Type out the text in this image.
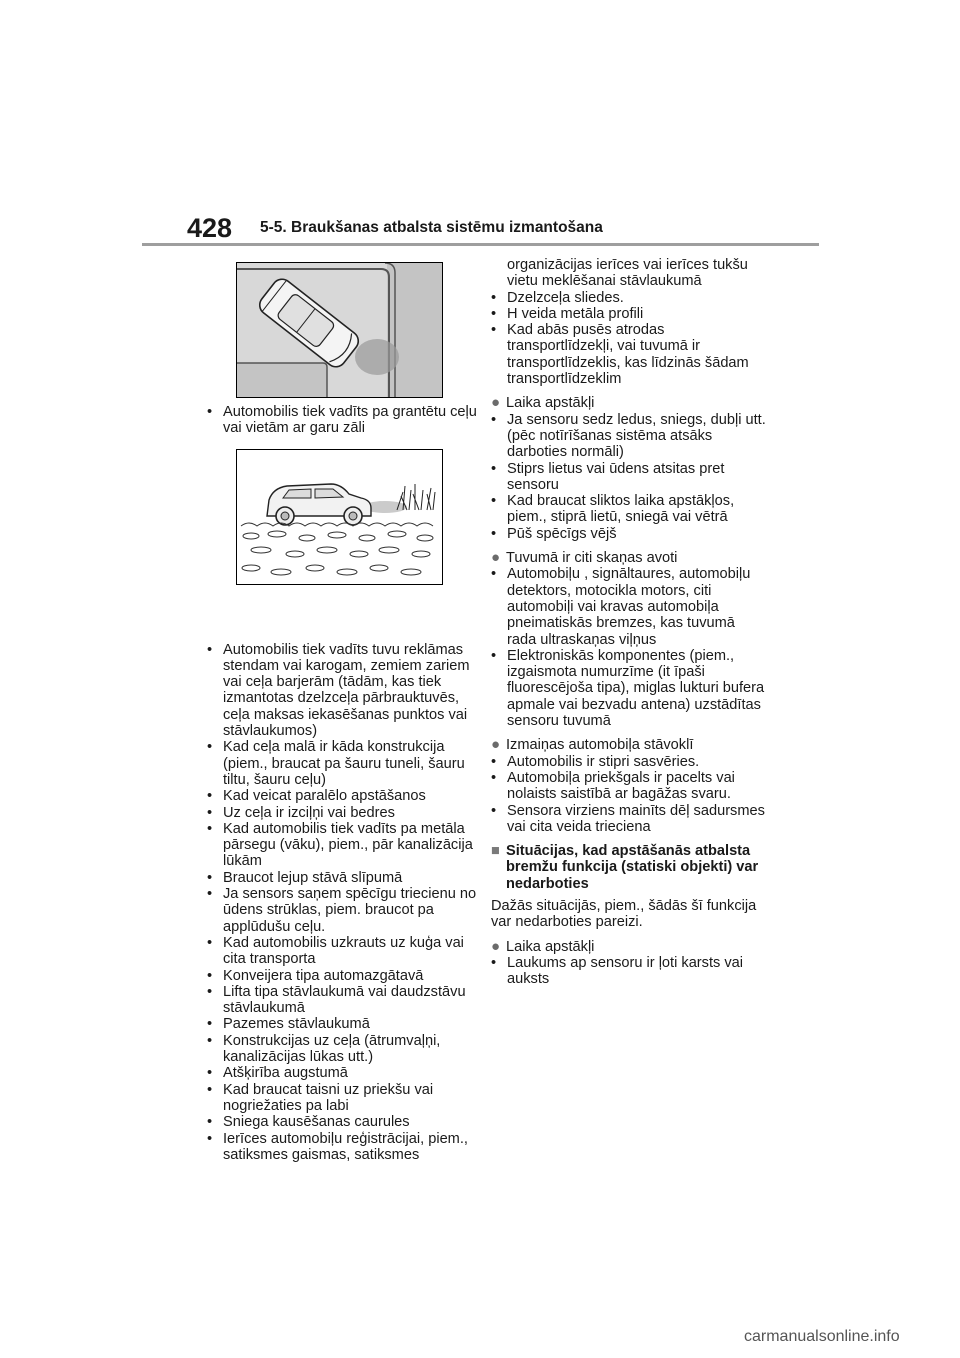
428 5-5. Braukšanas atbalsta sistēmu izmantošana
• Automobilis tiek vadīts pa grantētu ceļu vai vietām ar garu zāli
• Automobilis tiek vadīts tuvu reklāmas stendam vai karogam, zemiem zariem vai ceļa barjerām (tādām, kas tiek izmantotas dzelzceļa pārbrauktuvēs, ceļa maksas iekasēšanas punktos vai stāvlaukumos)
• Kad ceļa malā ir kāda konstrukcija (piem., braucat pa šauru tuneli, šauru tiltu, šauru ceļu)
• Kad veicat paralēlo apstāšanos
• Uz ceļa ir izciļņi vai bedres
• Kad automobilis tiek vadīts pa metāla pārsegu (vāku), piem., pār kanalizācija lūkām
• Braucot lejup stāvā slīpumā
• Ja sensors saņem spēcīgu triecienu no ūdens strūklas, piem. braucot pa applūdušu ceļu.
• Kad automobilis uzkrauts uz kuģa vai cita transporta
• Konveijera tipa automazgātavā
• Lifta tipa stāvlaukumā vai daudzstāvu stāvlaukumā
• Pazemes stāvlaukumā
• Konstrukcijas uz ceļa (ātrumvaļņi, kanalizācijas lūkas utt.)
• Atšķirība augstumā
• Kad braucat taisni uz priekšu vai nogriežaties pa labi
• Sniega kausēšanas caurules
• Ierīces automobiļu reģistrācijai, piem., satiksmes gaismas, satiksmes
organizācijas ierīces vai ierīces tukšu vietu meklēšanai stāvlaukumā
• Dzelzceļa sliedes.
• H veida metāla profili
• Kad abās pusēs atrodas transportlīdzekļi, vai tuvumā ir transportlīdzeklis, kas līdzinās šādam transportlīdzeklim
● Laika apstākļi
• Ja sensoru sedz ledus, sniegs, dubļi utt. (pēc notīrīšanas sistēma atsāks darboties normāli)
• Stiprs lietus vai ūdens atsitas pret sensoru
• Kad braucat sliktos laika apstākļos, piem., stiprā lietū, sniegā vai vētrā
• Pūš spēcīgs vējš
● Tuvumā ir citi skaņas avoti
• Automobiļu , signāltaures, automobiļu detektors, motocikla motors, citi automobiļi vai kravas automobiļa pneimatiskās bremzes, kas tuvumā rada ultraskaņas viļņus
• Elektroniskās komponentes (piem., izgaismota numurzīme (it īpaši fluorescējoša tipa), miglas lukturi bufera apmale vai bezvadu antena) uzstādītas sensoru tuvumā
● Izmaiņas automobiļa stāvoklī
• Automobilis ir stipri sasvēries.
• Automobiļa priekšgals ir pacelts vai nolaists saistībā ar bagāžas svaru.
• Sensora virziens mainīts dēļ sadursmes vai cita veida trieciena
■ Situācijas, kad apstāšanās atbalsta bremžu funkcija (statiski objekti) var nedarboties
Dažās situācijās, piem., šādās šī funkcija var nedarboties pareizi.
● Laika apstākļi
• Laukums ap sensoru ir ļoti karsts vai auksts
carmanualsonline.info
